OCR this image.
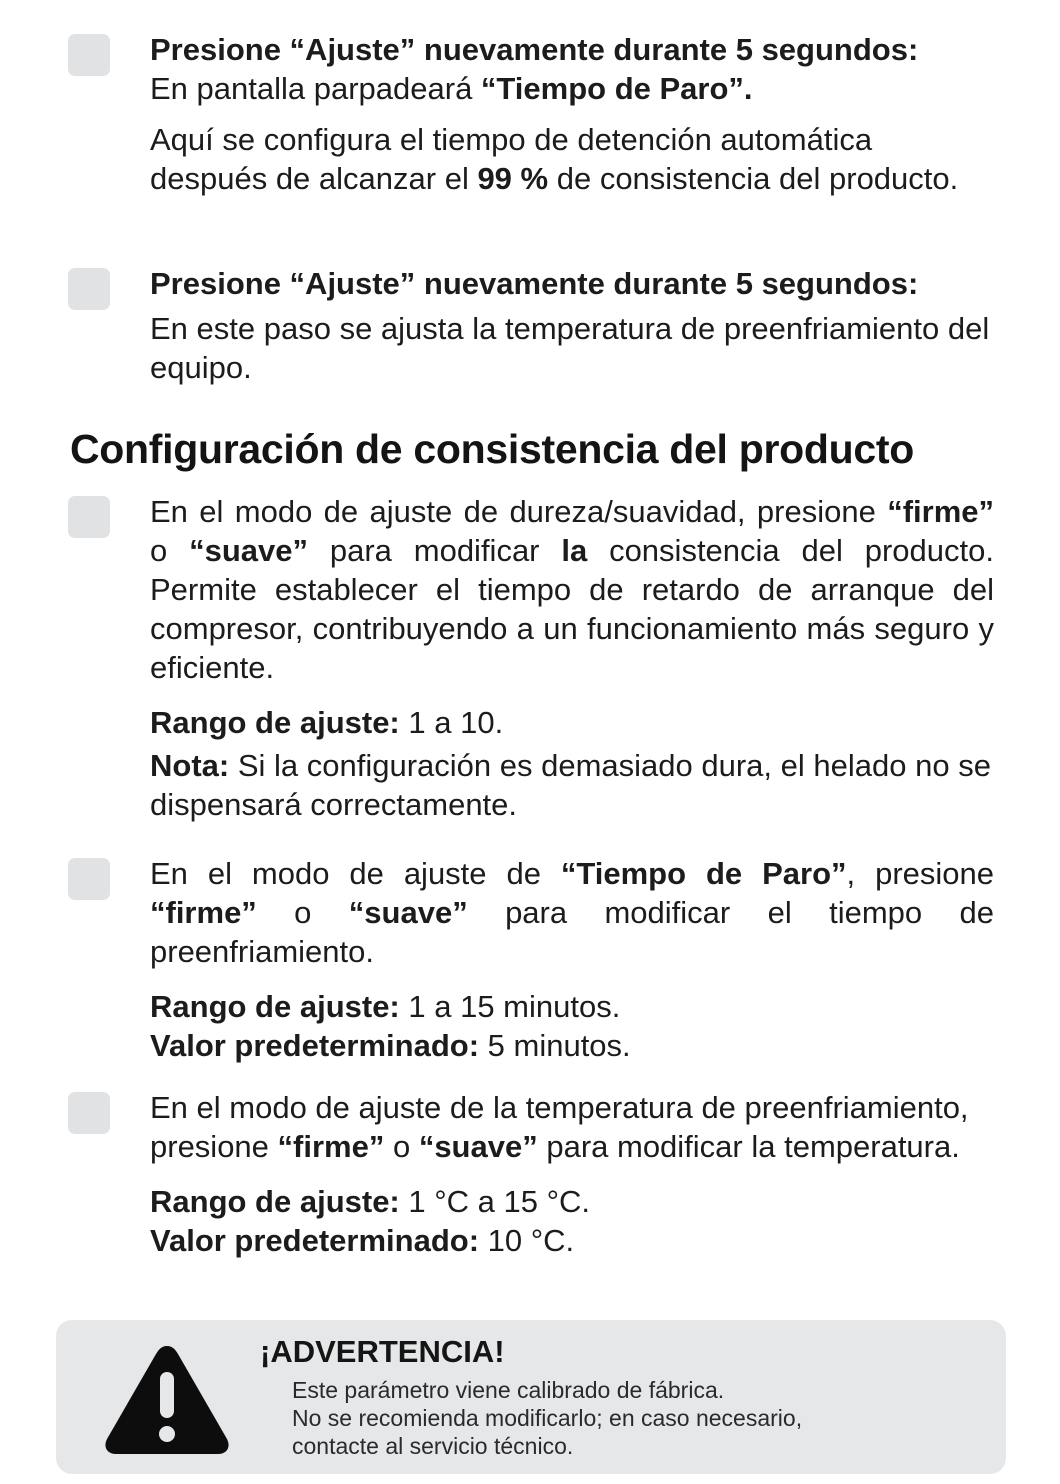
Presione “Ajuste” nuevamente durante 5 segundos:

En pantalla parpadeará “Tiempo de Paro”.

Aquí se configura el tiempo de detención automática después de alcanzar el 99 % de consistencia del producto.

Presione “Ajuste” nuevamente durante 5 segundos:

En este paso se ajusta la temperatura de preenfriamiento del equipo.

Configuración de consistencia del producto

En el modo de ajuste de dureza/suavidad, presione “firme” o “suave” para modificar la consistencia del producto. Permite establecer el tiempo de retardo de arranque del compresor, contribuyendo a un funcionamiento más seguro y eficiente.

Rango de ajuste: 1 a 10.

Nota: Si la configuración es demasiado dura, el helado no se dispensará correctamente.

En el modo de ajuste de “Tiempo de Paro”, presione “firme” o “suave” para modificar el tiempo de preenfriamiento.

Rango de ajuste: 1 a 15 minutos.

Valor predeterminado: 5 minutos.

En el modo de ajuste de la temperatura de preenfriamiento, presione “firme” o “suave” para modificar la temperatura.

Rango de ajuste: 1 °C a 15 °C.

Valor predeterminado: 10 °C.

¡ADVERTENCIA!

Este parámetro viene calibrado de fábrica.

No se recomienda modificarlo; en caso necesario,

contacte al servicio técnico.
